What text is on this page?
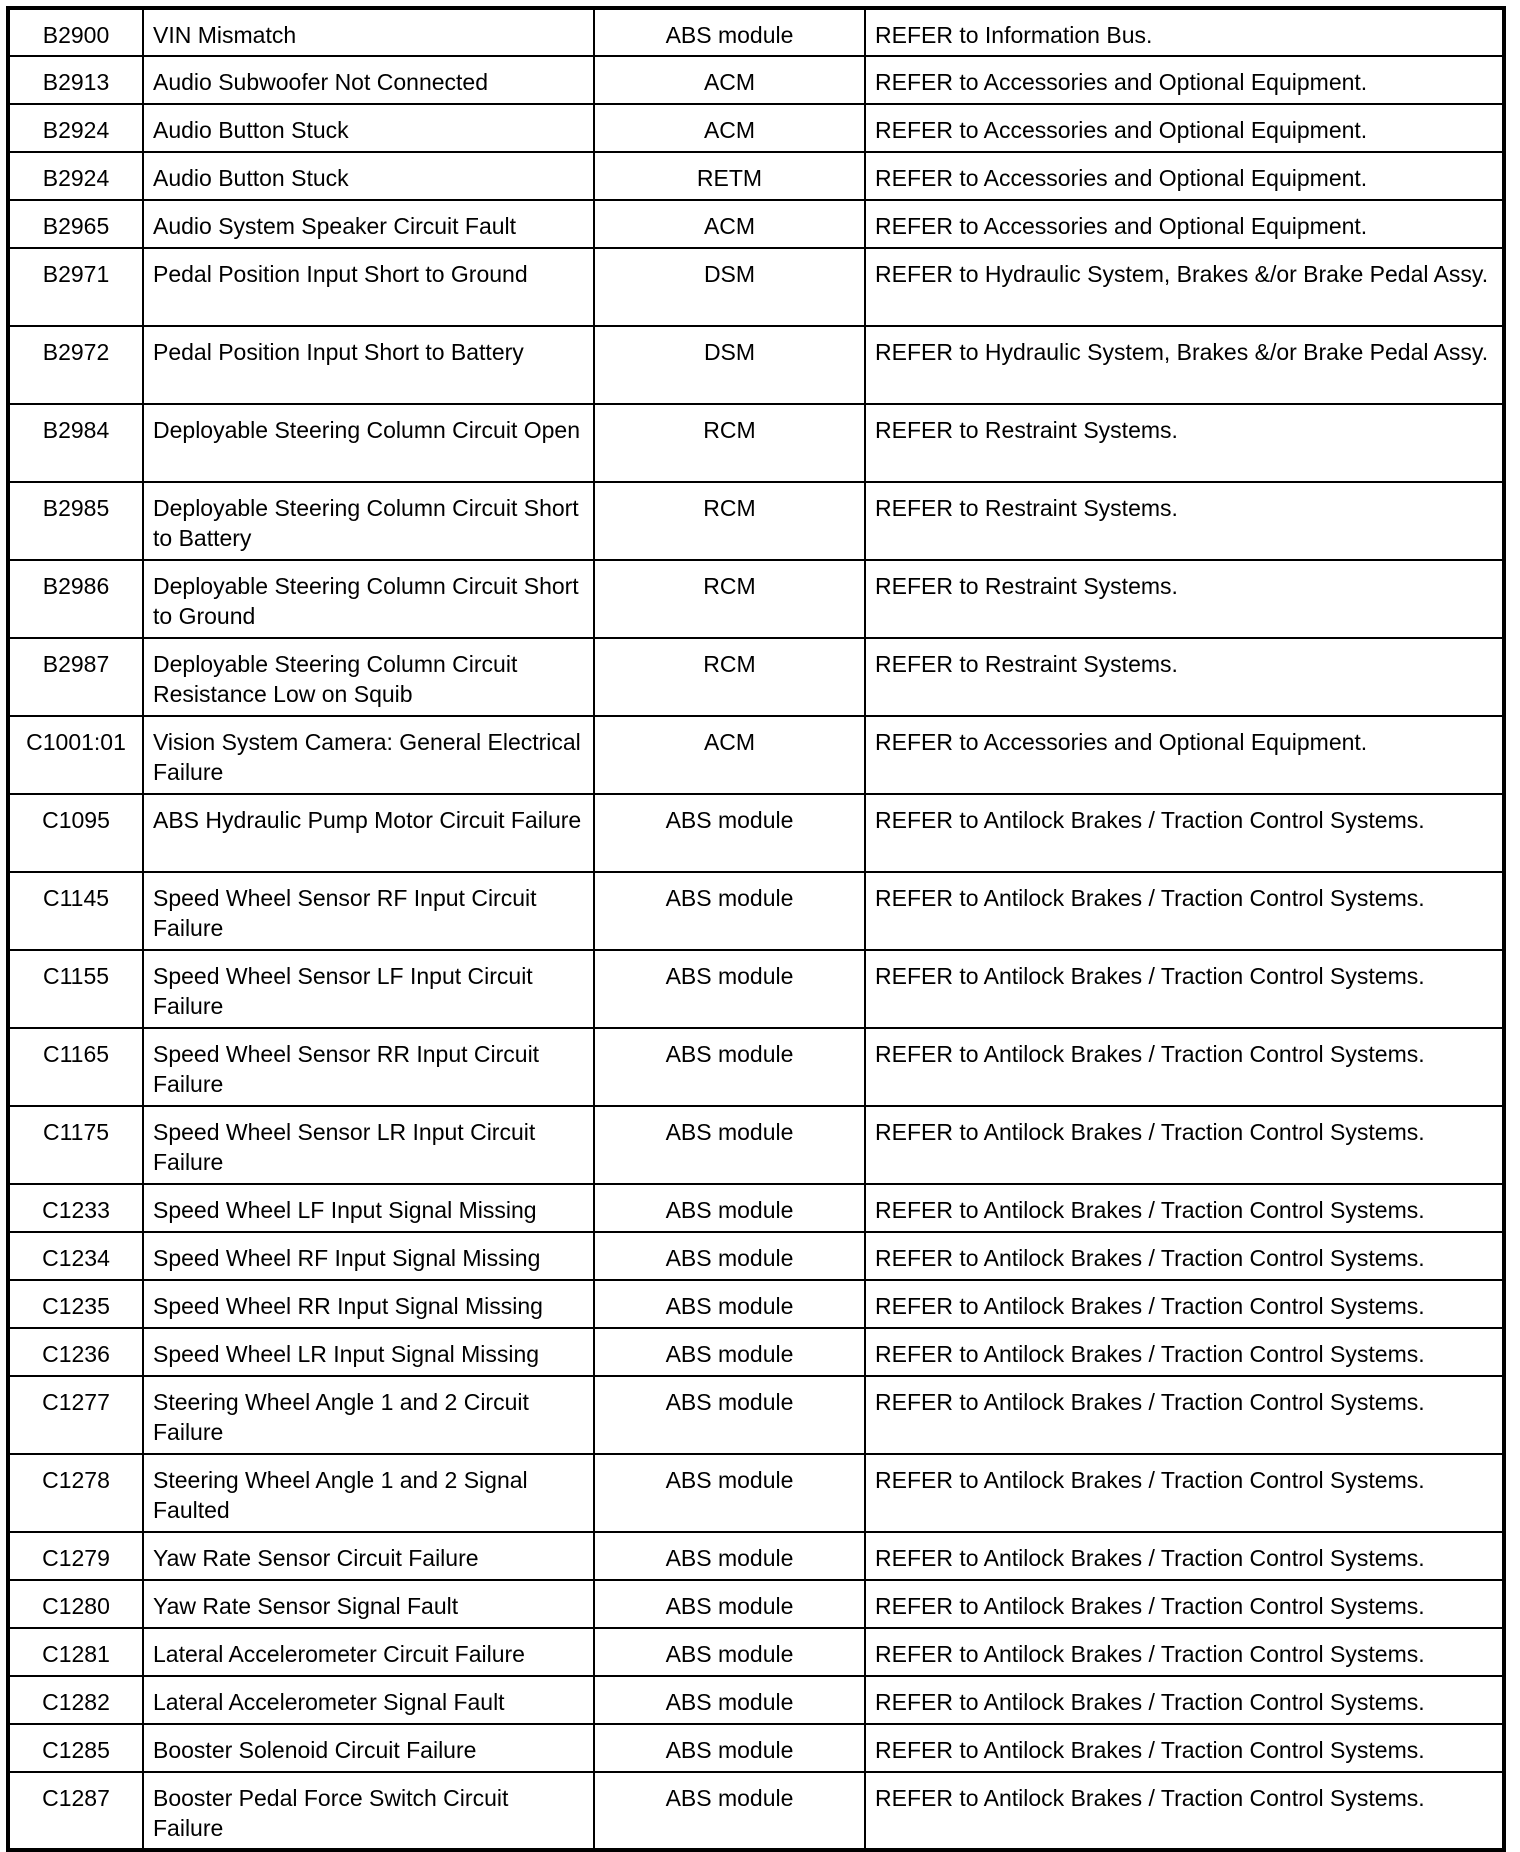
B2900	VIN Mismatch	ABS module	REFER to Information Bus.
B2913	Audio Subwoofer Not Connected	ACM	REFER to Accessories and Optional Equipment.
B2924	Audio Button Stuck	ACM	REFER to Accessories and Optional Equipment.
B2924	Audio Button Stuck	RETM	REFER to Accessories and Optional Equipment.
B2965	Audio System Speaker Circuit Fault	ACM	REFER to Accessories and Optional Equipment.
B2971	Pedal Position Input Short to Ground	DSM	REFER to Hydraulic System, Brakes &/or Brake Pedal Assy.
B2972	Pedal Position Input Short to Battery	DSM	REFER to Hydraulic System, Brakes &/or Brake Pedal Assy.
B2984	Deployable Steering Column Circuit Open	RCM	REFER to Restraint Systems.
B2985	Deployable Steering Column Circuit Short to Battery	RCM	REFER to Restraint Systems.
B2986	Deployable Steering Column Circuit Short to Ground	RCM	REFER to Restraint Systems.
B2987	Deployable Steering Column Circuit Resistance Low on Squib	RCM	REFER to Restraint Systems.
C1001:01	Vision System Camera: General Electrical Failure	ACM	REFER to Accessories and Optional Equipment.
C1095	ABS Hydraulic Pump Motor Circuit Failure	ABS module	REFER to Antilock Brakes / Traction Control Systems.
C1145	Speed Wheel Sensor RF Input Circuit Failure	ABS module	REFER to Antilock Brakes / Traction Control Systems.
C1155	Speed Wheel Sensor LF Input Circuit Failure	ABS module	REFER to Antilock Brakes / Traction Control Systems.
C1165	Speed Wheel Sensor RR Input Circuit Failure	ABS module	REFER to Antilock Brakes / Traction Control Systems.
C1175	Speed Wheel Sensor LR Input Circuit Failure	ABS module	REFER to Antilock Brakes / Traction Control Systems.
C1233	Speed Wheel LF Input Signal Missing	ABS module	REFER to Antilock Brakes / Traction Control Systems.
C1234	Speed Wheel RF Input Signal Missing	ABS module	REFER to Antilock Brakes / Traction Control Systems.
C1235	Speed Wheel RR Input Signal Missing	ABS module	REFER to Antilock Brakes / Traction Control Systems.
C1236	Speed Wheel LR Input Signal Missing	ABS module	REFER to Antilock Brakes / Traction Control Systems.
C1277	Steering Wheel Angle 1 and 2 Circuit Failure	ABS module	REFER to Antilock Brakes / Traction Control Systems.
C1278	Steering Wheel Angle 1 and 2 Signal Faulted	ABS module	REFER to Antilock Brakes / Traction Control Systems.
C1279	Yaw Rate Sensor Circuit Failure	ABS module	REFER to Antilock Brakes / Traction Control Systems.
C1280	Yaw Rate Sensor Signal Fault	ABS module	REFER to Antilock Brakes / Traction Control Systems.
C1281	Lateral Accelerometer Circuit Failure	ABS module	REFER to Antilock Brakes / Traction Control Systems.
C1282	Lateral Accelerometer Signal Fault	ABS module	REFER to Antilock Brakes / Traction Control Systems.
C1285	Booster Solenoid Circuit Failure	ABS module	REFER to Antilock Brakes / Traction Control Systems.
C1287	Booster Pedal Force Switch Circuit Failure	ABS module	REFER to Antilock Brakes / Traction Control Systems.
